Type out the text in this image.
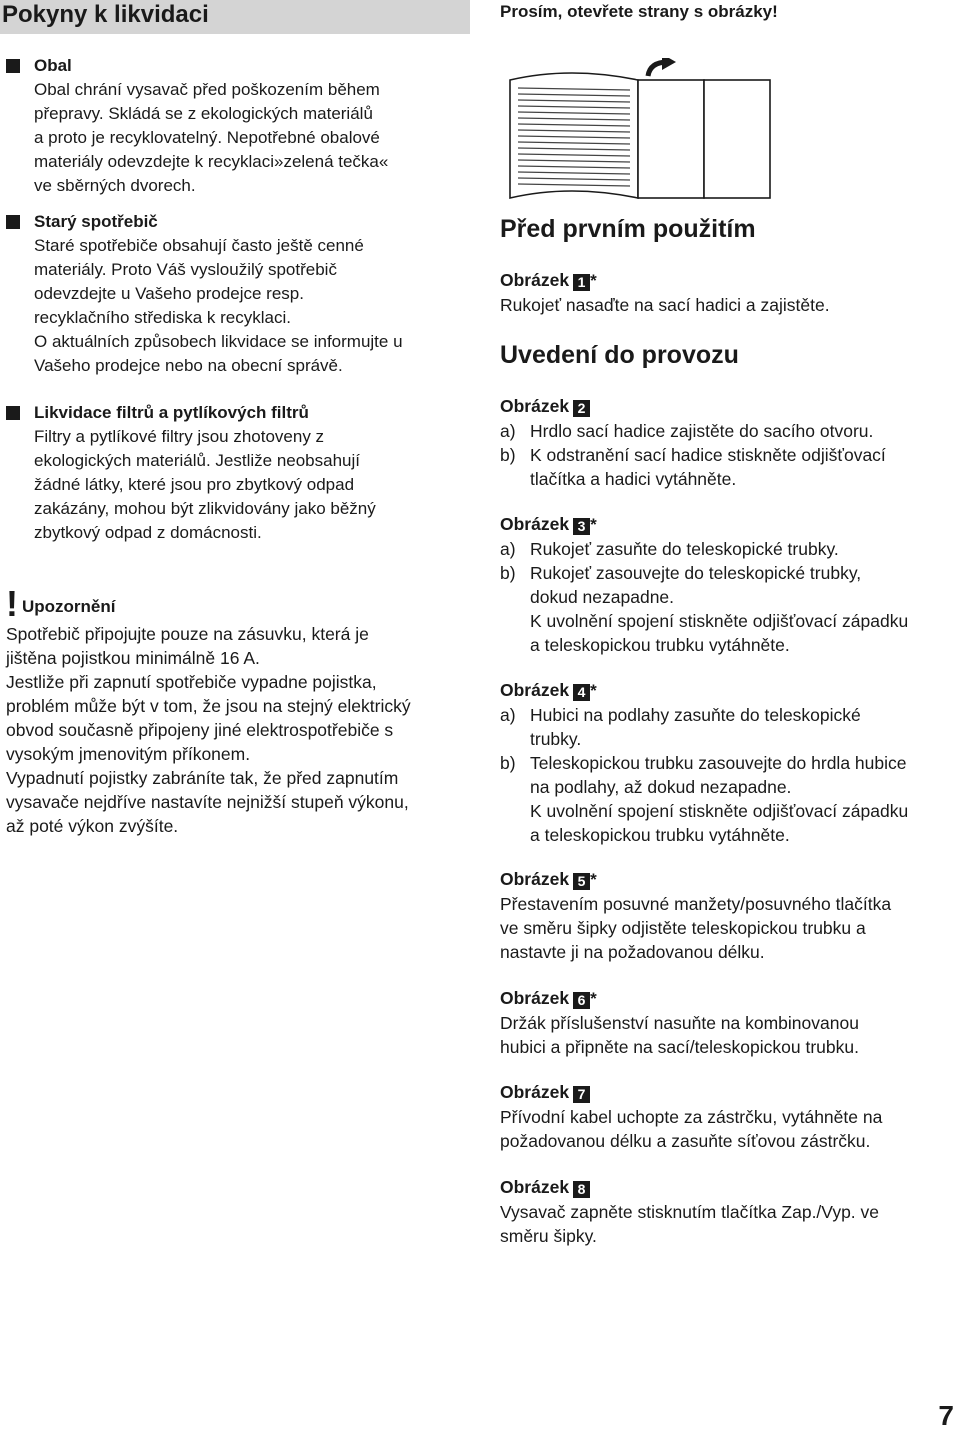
Pokyny k likvidaci
Obal
Obal chrání vysavač před poškozením během
přepravy. Skládá se z ekologických materiálů
a proto je recyklovatelný. Nepotřebné obalové
materiály odevzdejte k recyklaci»zelená tečka«
ve sběrných dvorech.
Starý spotřebič
Staré spotřebiče obsahují často ještě cenné
materiály. Proto Váš vysloužilý spotřebič
odevzdejte u Vašeho prodejce resp.
recyklačního střediska k recyklaci.
O aktuálních způsobech likvidace se informujte u
Vašeho prodejce nebo na obecní správě.
Likvidace filtrů a pytlíkových filtrů
Filtry a pytlíkové filtry jsou zhotoveny z
ekologických materiálů. Jestliže neobsahují
žádné látky, které jsou pro zbytkový odpad
zakázány, mohou být zlikvidovány jako běžný
zbytkový odpad z domácnosti.
! Upozornění
Spotřebič připojujte pouze na zásuvku, která je
jištěna pojistkou minimálně 16 A.
Jestliže při zapnutí spotřebiče vypadne pojistka,
problém může být v tom, že jsou na stejný elektrický
obvod současně připojeny jiné elektrospotřebiče s
vysokým jmenovitým příkonem.
Vypadnutí pojistky zabráníte tak, že před zapnutím
vysavače nejdříve nastavíte nejnižší stupeň výkonu,
až poté výkon zvýšíte.
Prosím, otevřete strany s obrázky!
Před prvním použitím
Obrázek 1 *
Rukojeť nasaďte na sací hadici a zajistěte.
Uvedení do provozu
Obrázek 2
a) Hrdlo sací hadice zajistěte do sacího otvoru.
b) K odstranění sací hadice stiskněte odjišťovací
tlačítka a hadici vytáhněte.
Obrázek 3 *
a) Rukojeť zasuňte do teleskopické trubky.
b) Rukojeť zasouvejte do teleskopické trubky,
dokud nezapadne.
K uvolnění spojení stiskněte odjišťovací západku
a teleskopickou trubku vytáhněte.
Obrázek 4 *
a) Hubici na podlahy zasuňte do teleskopické
trubky.
b) Teleskopickou trubku zasouvejte do hrdla hubice
na podlahy, až dokud nezapadne.
K uvolnění spojení stiskněte odjišťovací západku
a teleskopickou trubku vytáhněte.
Obrázek 5 *
Přestavením posuvné manžety/posuvného tlačítka
ve směru šipky odjistěte teleskopickou trubku a
nastavte ji na požadovanou délku.
Obrázek 6 *
Držák příslušenství nasuňte na kombinovanou
hubici a připněte na sací/teleskopickou trubku.
Obrázek 7
Přívodní kabel uchopte za zástrčku, vytáhněte na
požadovanou délku a zasuňte síťovou zástrčku.
Obrázek 8
Vysavač zapněte stisknutím tlačítka Zap./Vyp. ve
směru šipky.
7
